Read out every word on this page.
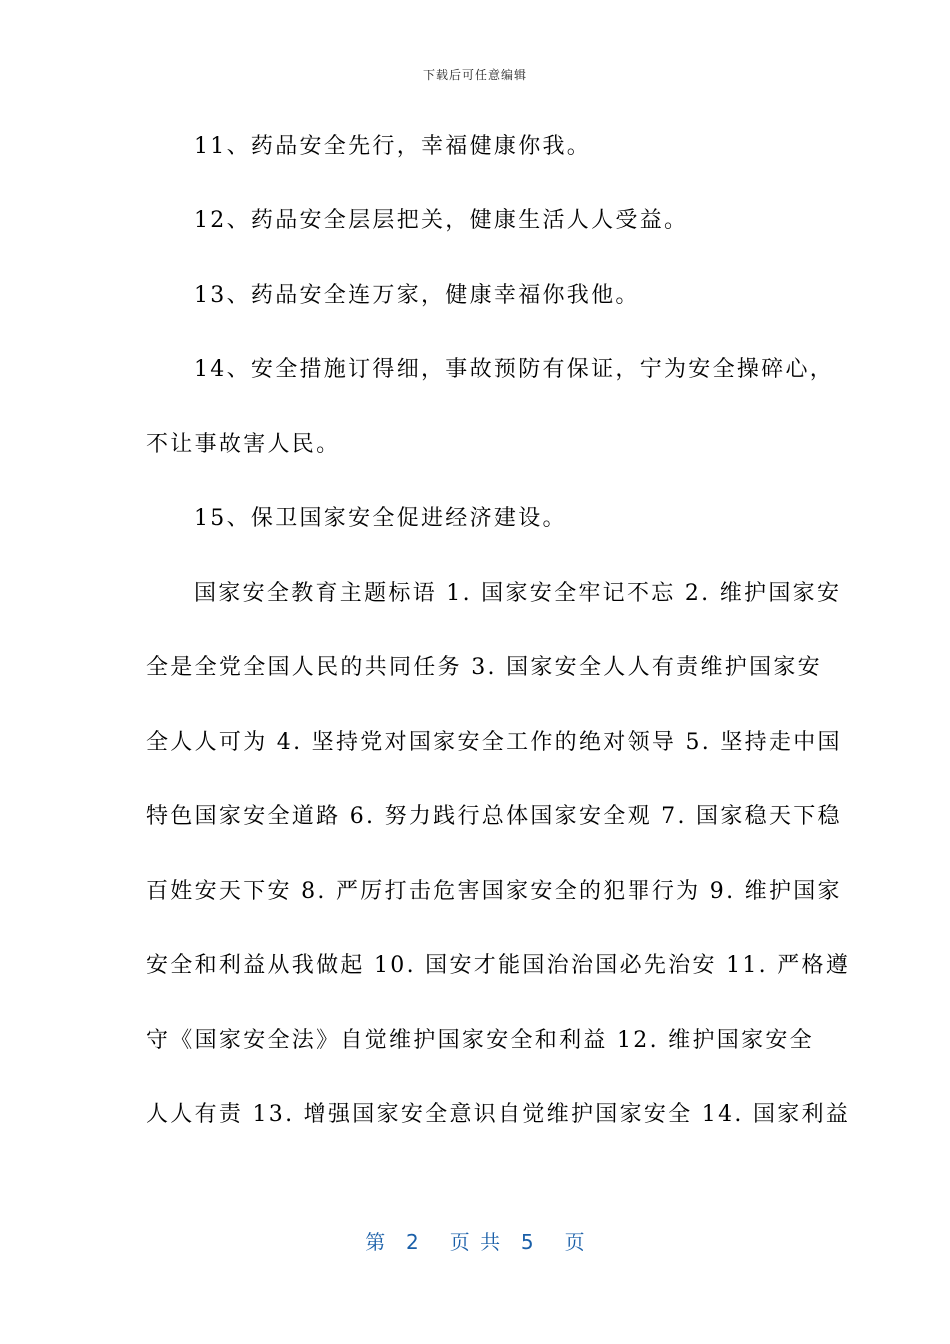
下载后可任意编辑
11、药品安全先行，幸福健康你我。
12、药品安全层层把关，健康生活人人受益。
13、药品安全连万家，健康幸福你我他。
14、安全措施订得细，事故预防有保证，宁为安全操碎心，
不让事故害人民。
15、保卫国家安全促进经济建设。
国家安全教育主题标语 1. 国家安全牢记不忘 2. 维护国家安
全是全党全国人民的共同任务 3. 国家安全人人有责维护国家安
全人人可为 4. 坚持党对国家安全工作的绝对领导 5. 坚持走中国
特色国家安全道路 6. 努力践行总体国家安全观 7. 国家稳天下稳
百姓安天下安 8. 严厉打击危害国家安全的犯罪行为 9. 维护国家
安全和利益从我做起 10. 国安才能国治治国必先治安 11. 严格遵
守《国家安全法》自觉维护国家安全和利益 12. 维护国家安全
人人有责 13. 增强国家安全意识自觉维护国家安全 14. 国家利益
第  2   页 共  5   页
